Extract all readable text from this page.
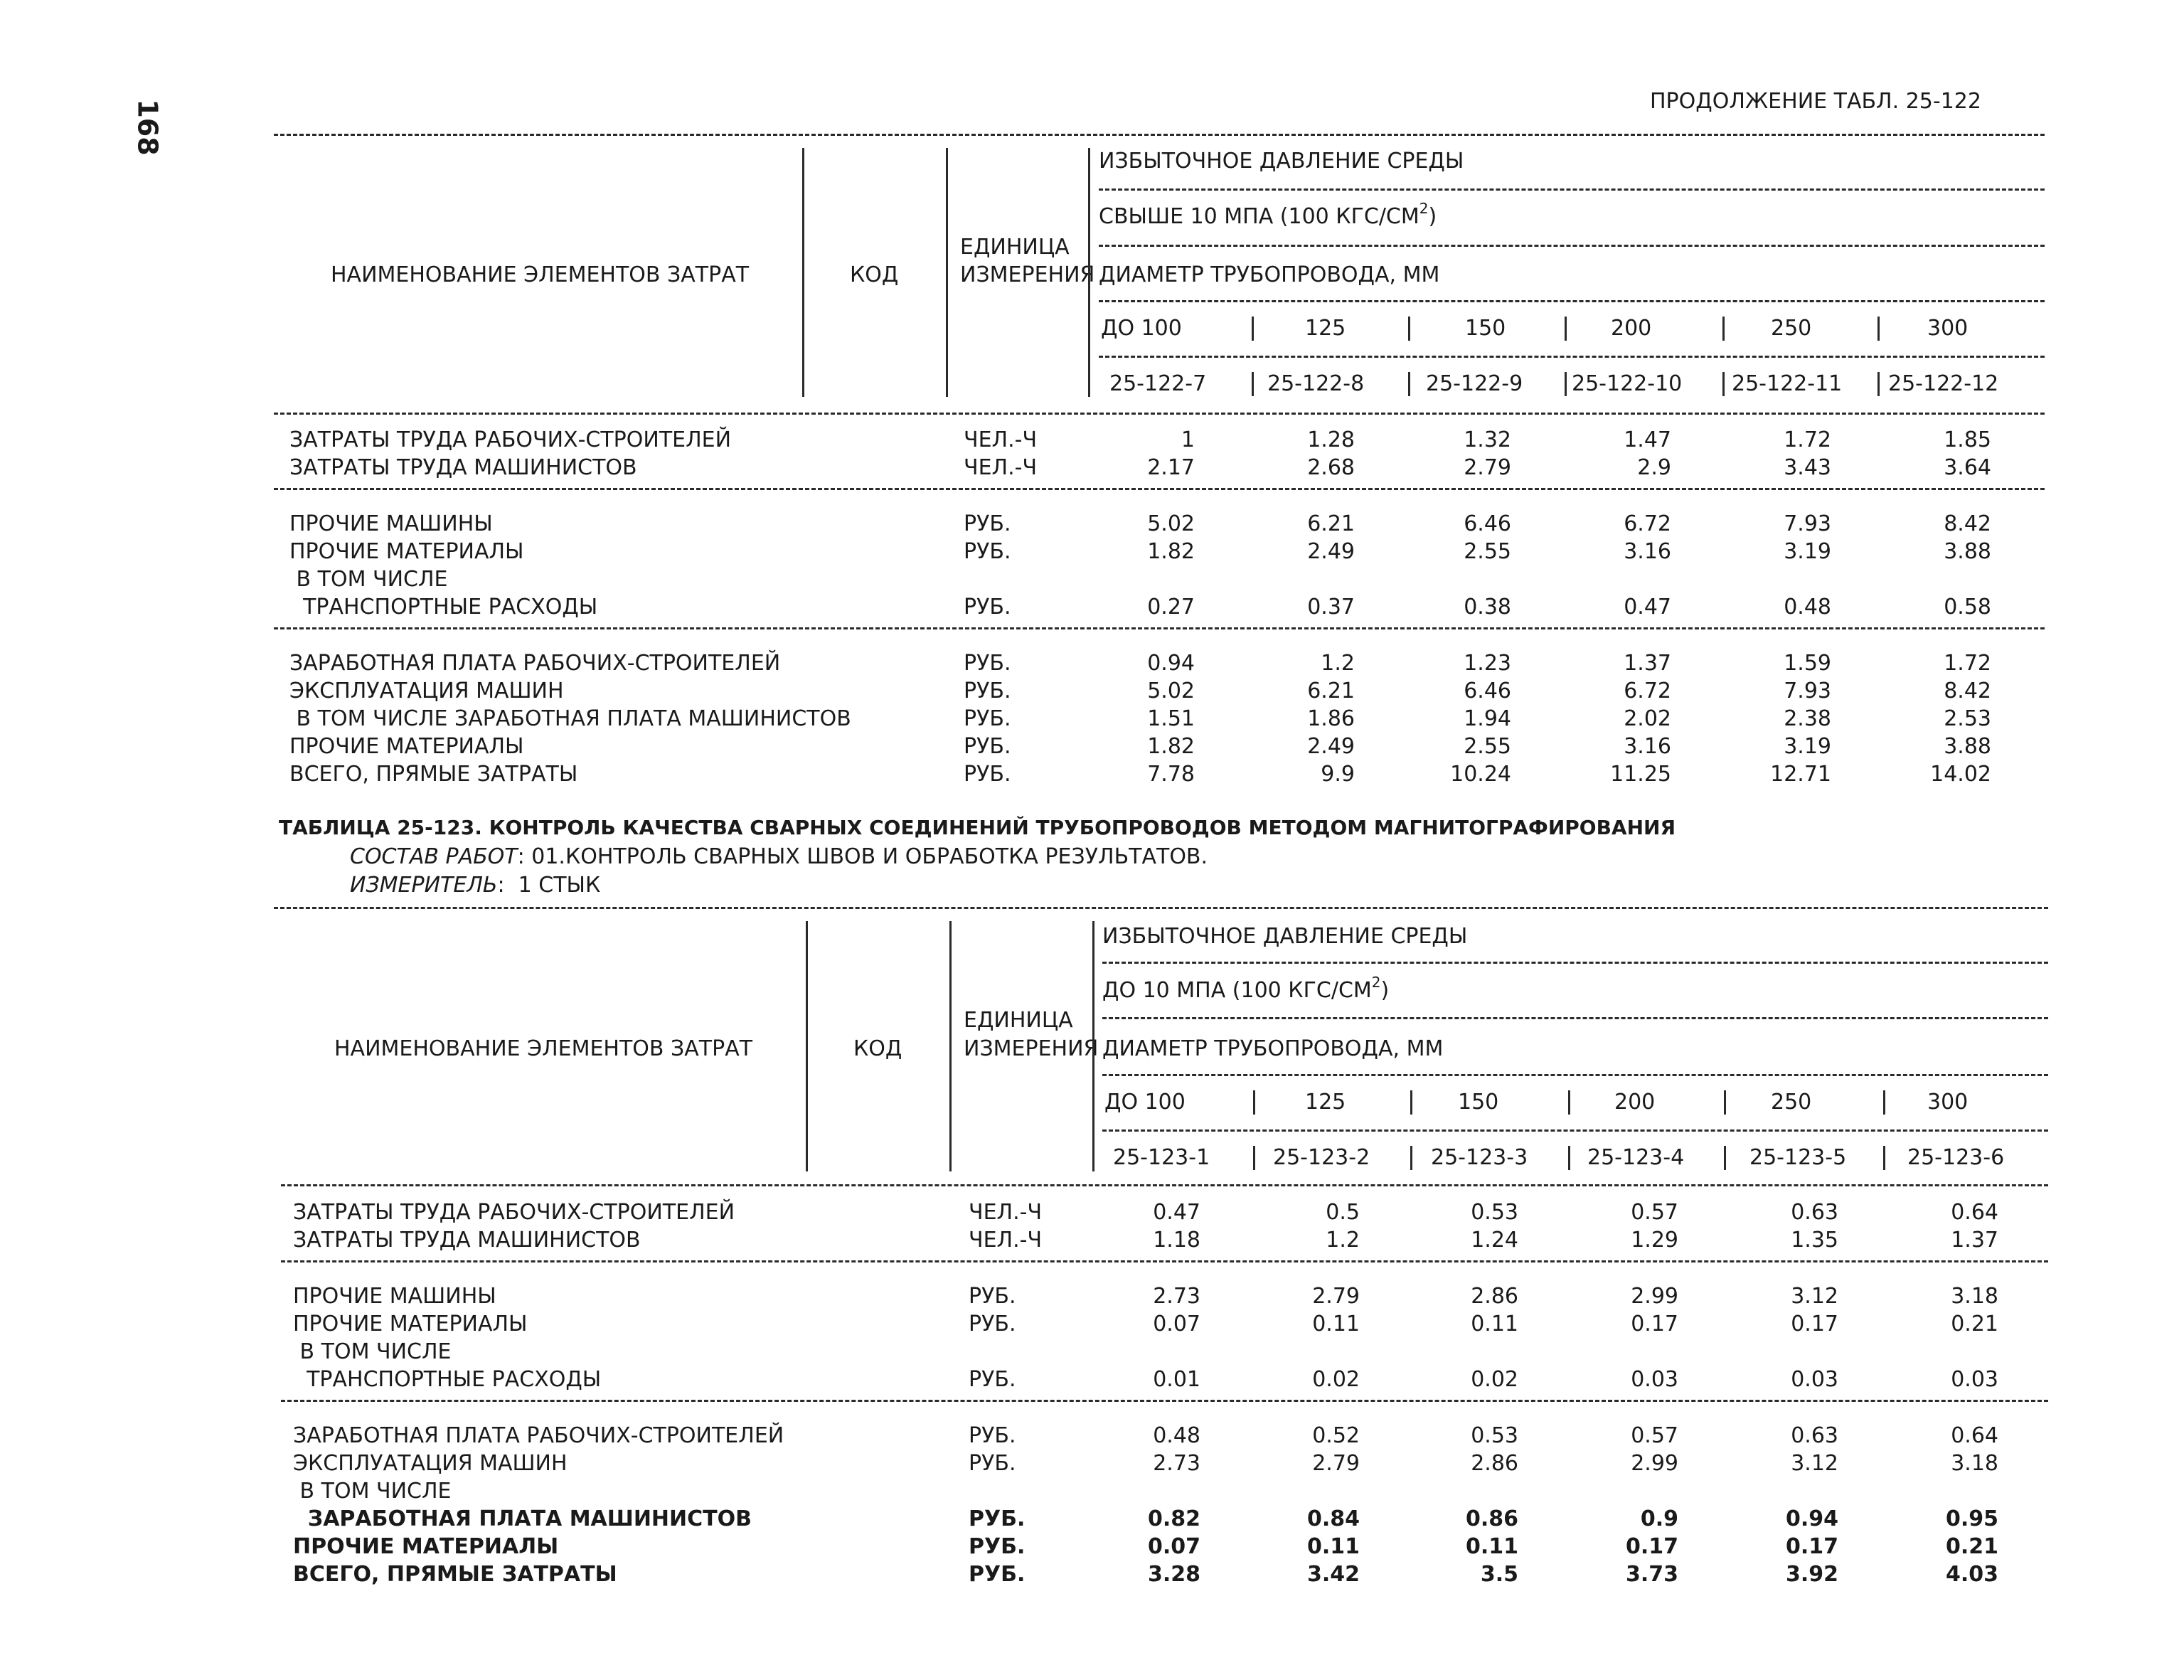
168	ПРОДОЛЖЕНИЕ ТАБЛ. 25-122
НАИМЕНОВАНИЕ ЭЛЕМЕНТОВ ЗАТРАТ	КОД
ЕДИНИЦА
ИЗМЕРЕНИЯ
ИЗБЫТОЧНОЕ ДАВЛЕНИЕ СРЕДЫ
СВЫШЕ 10 МПА (100 КГС/$СМ^2$)
ДИАМЕТР ТРУБОПРОВОДА, ММ
ДО 100	125	150	200	250	300
25-122-7	25-122-8	25-122-9 25-122-10 25-122-11 25-122-12
ЗАТРАТЫ ТРУДА РАБОЧИХ-СТРОИТЕЛЕЙ	ЧЕЛ.-Ч	1	1.28	1.32	1.47	1.72	1.85
ЗАТРАТЫ ТРУДА МАШИНИСТОВ	ЧЕЛ.-Ч	2.17	2.68	2.79	2.9	3.43	3.64
ПРОЧИЕ МАШИНЫ	РУБ.	5.02	6.21	6.46	6.72	7.93	8.42
ПРОЧИЕ МАТЕРИАЛЫ	РУБ.	1.82	2.49	2.55	3.16	3.19	3.88
В ТОМ ЧИСЛЕ
ТРАНСПОРТНЫЕ РАСХОДЫ	РУБ.	0.27	0.37	0.38	0.47	0.48	0.58
ЗАРАБОТНАЯ ПЛАТА РАБОЧИХ-СТРОИТЕЛЕЙ	РУБ.	0.94	1.2	1.23	1.37	1.59	1.72
ЭКСПЛУАТАЦИЯ МАШИН	РУБ.	5.02	6.21	6.46	6.72	7.93	8.42
В ТОМ ЧИСЛЕ ЗАРАБОТНАЯ ПЛАТА МАШИНИСТОВ	РУБ.	1.51	1.86	1.94	2.02	2.38	2.53
ПРОЧИЕ МАТЕРИАЛЫ	РУБ.	1.82	2.49	2.55	3.16	3.19	3.88
ВСЕГО, ПРЯМЫЕ ЗАТРАТЫ	РУБ.	7.78	9.9	10.24	11.25	12.71	14.02
ТАБЛИЦА 25-123. КОНТРОЛЬ КАЧЕСТВА СВАРНЫХ СОЕДИНЕНИЙ ТРУБОПРОВОДОВ МЕТОДОМ МАГНИТОГРАФИРОВАНИЯ
СОСТАВ РАБОТ: 01.КОНТРОЛЬ СВАРНЫХ ШВОВ И ОБРАБОТКА РЕЗУЛЬТАТОВ.
ИЗМЕРИТЕЛЬ:  1 СТЫК
НАИМЕНОВАНИЕ ЭЛЕМЕНТОВ ЗАТРАТ	КОД
ЕДИНИЦА
ИЗМЕРЕНИЯ
ИЗБЫТОЧНОЕ ДАВЛЕНИЕ СРЕДЫ
ДО 10 МПА (100 КГС/$СМ^2$)
ДИАМЕТР ТРУБОПРОВОДА, ММ
ДО 100	125	150	200	250	300
25-123-1	25-123-2	25-123-3	25-123-4	25-123-5	25-123-6
ЗАТРАТЫ ТРУДА РАБОЧИХ-СТРОИТЕЛЕЙ	ЧЕЛ.-Ч	0.47	0.5	0.53	0.57	0.63	0.64
ЗАТРАТЫ ТРУДА МАШИНИСТОВ	ЧЕЛ.-Ч	1.18	1.2	1.24	1.29	1.35	1.37
ПРОЧИЕ МАШИНЫ	РУБ.	2.73	2.79	2.86	2.99	3.12	3.18
ПРОЧИЕ МАТЕРИАЛЫ	РУБ.	0.07	0.11	0.11	0.17	0.17	0.21
В ТОМ ЧИСЛЕ
ТРАНСПОРТНЫЕ РАСХОДЫ	РУБ.	0.01	0.02	0.02	0.03	0.03	0.03
ЗАРАБОТНАЯ ПЛАТА РАБОЧИХ-СТРОИТЕЛЕЙ	РУБ.	0.48	0.52	0.53	0.57	0.63	0.64
ЭКСПЛУАТАЦИЯ МАШИН	РУБ.	2.73	2.79	2.86	2.99	3.12	3.18
В ТОМ ЧИСЛЕ
ЗАРАБОТНАЯ ПЛАТА МАШИНИСТОВ	РУБ.	0.82	0.84	0.86	0.9	0.94	0.95
ПРОЧИЕ МАТЕРИАЛЫ	РУБ.	0.07	0.11	0.11	0.17	0.17	0.21
ВСЕГО, ПРЯМЫЕ ЗАТРАТЫ	РУБ.	3.28	3.42	3.5	3.73	3.92	4.03
